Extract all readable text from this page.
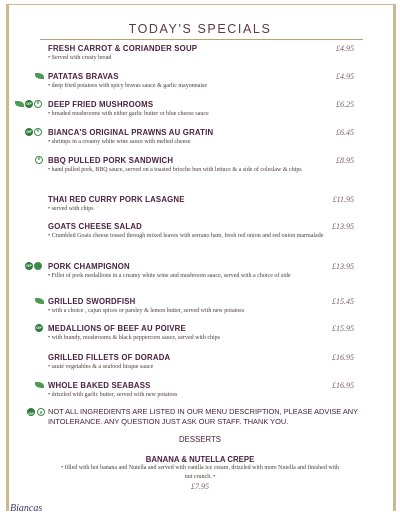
TODAY'S SPECIALS
FRESH CARROT & CORIANDER SOUP
• Served with crusty bread
£4.95
PATATAS BRAVAS
• deep fried potatoes with spicy bravas sauce & garlic mayonnaise
£4.95
GFv
DEEP FRIED MUSHROOMS
• breaded mushrooms with either garlic butter or blue cheese sauce
£6.25
GFv
BIANCA'S ORIGINAL PRAWNS AU GRATIN
• shrimps in a creamy white wine sauce with melted cheese
£6.45
v
BBQ PULLED PORK SANDWICH
• hand pulled pork, BBQ sauce, served on a toasted brioche bun with lettuce & a side of coleslaw & chips
£8.95
THAI RED CURRY PORK LASAGNE
• served with chips
£11.95
GOATS CHEESE SALAD
• Crumbled Goats cheese tossed through mixed leaves with serrano ham, fresh red onion and red onion marmalade
£13.95
GF
PORK CHAMPIGNON
• Fillet of pork medallions in a creamy white wine and mushroom sauce, served with a choice of side
£13.95
GRILLED SWORDFISH
• with a choice , cajun spices or parsley & lemon butter, served with new potatoes
£15.45
GF
MEDALLIONS OF BEEF AU POIVRE
• with brandy, mushrooms & black peppercorn sauce, served with chips
£15.95
GRILLED FILLETS OF DORADA
• sauté vegetables & a seafood bisque sauce
£16.95
WHOLE BAKED SEABASS
• drizzled with garlic butter, served with new potatoes
£16.95
GF
v
NOT ALL INGREDIENTS ARE LISTED IN OUR MENU DESCRIPTION, PLEASE ADVISE ANY INTOLERANCE. ANY QUESTION JUST ASK OUR STAFF. THANK YOU.
DESSERTS
BANANA & NUTELLA CREPE
• filled with hot banana and Nutella and served with vanilla ice cream, drizzled with more Nutella and finished with nut crunch. •
£7.95
Biancas
